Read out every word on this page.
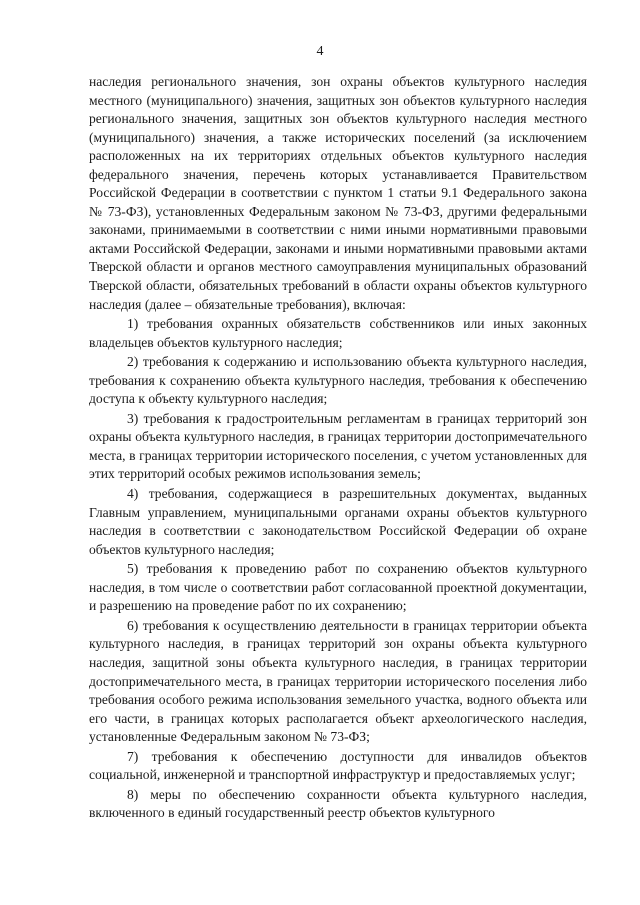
4

наследия регионального значения, зон охраны объектов культурного наследия местного (муниципального) значения, защитных зон объектов культурного наследия регионального значения, защитных зон объектов культурного наследия местного (муниципального) значения, а также исторических поселений (за исключением расположенных на их территориях отдельных объектов культурного наследия федерального значения, перечень которых устанавливается Правительством Российской Федерации в соответствии с пунктом 1 статьи 9.1 Федерального закона № 73-ФЗ), установленных Федеральным законом № 73-ФЗ, другими федеральными законами, принимаемыми в соответствии с ними иными нормативными правовыми актами Российской Федерации, законами и иными нормативными правовыми актами Тверской области и органов местного самоуправления муниципальных образований Тверской области, обязательных требований в области охраны объектов культурного наследия (далее – обязательные требования), включая:

1) требования охранных обязательств собственников или иных законных владельцев объектов культурного наследия;

2) требования к содержанию и использованию объекта культурного наследия, требования к сохранению объекта культурного наследия, требования к обеспечению доступа к объекту культурного наследия;

3) требования к градостроительным регламентам в границах территорий зон охраны объекта культурного наследия, в границах территории достопримечательного места, в границах территории исторического поселения, с учетом установленных для этих территорий особых режимов использования земель;

4) требования, содержащиеся в разрешительных документах, выданных Главным управлением, муниципальными органами охраны объектов культурного наследия в соответствии с законодательством Российской Федерации об охране объектов культурного наследия;

5) требования к проведению работ по сохранению объектов культурного наследия, в том числе о соответствии работ согласованной проектной документации, и разрешению на проведение работ по их сохранению;

6) требования к осуществлению деятельности в границах территории объекта культурного наследия, в границах территорий зон охраны объекта культурного наследия, защитной зоны объекта культурного наследия, в границах территории достопримечательного места, в границах территории исторического поселения либо требования особого режима использования земельного участка, водного объекта или его части, в границах которых располагается объект археологического наследия, установленные Федеральным законом № 73-ФЗ;

7) требования к обеспечению доступности для инвалидов объектов социальной, инженерной и транспортной инфраструктур и предоставляемых услуг;

8) меры по обеспечению сохранности объекта культурного наследия, включенного в единый государственный реестр объектов культурного
